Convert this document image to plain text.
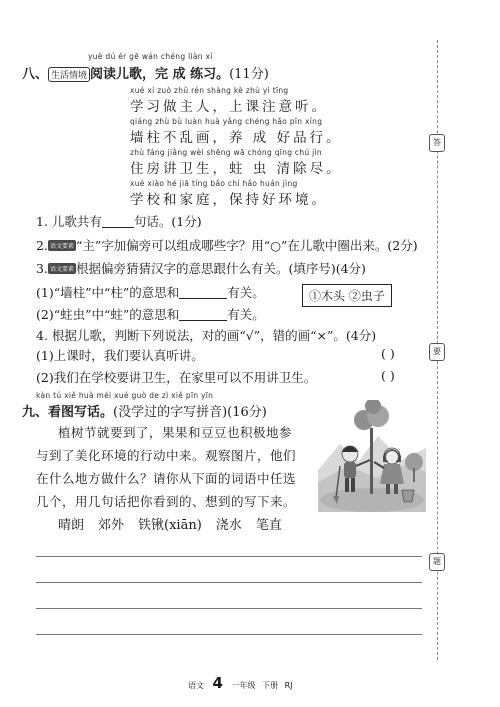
yuè dú ér gē wán chéng liàn xí
八、 生活情境 阅读儿歌，完 成 练习。(11分)
xué xí zuò zhǔ rén shàng kè zhù yì tīng
学习做主人，上课注意听。
qiáng zhù bù luàn huà yǎng chéng hǎo pǐn xíng
墙柱不乱画，养 成 好品行。
zhù fáng jiǎng wèi shēng wā chóng qīng chú jìn
住房讲卫生，蛀 虫 清除尽。
xué xiào hé jiā tíng bǎo chí hǎo huán jìng
学校和家庭，保持好环境。
1. 儿歌共有	句话。(1分)
2. 语文要素 “主”字加偏旁可以组成哪些字？用“○”在儿歌中圈出来。(2分)
3. 语文要素 根据偏旁猜猜汉字的意思跟什么有关。(填序号)(4分)
(1)“墙柱”中“柱”的意思和	有关。
(2)“蛀虫”中“蛀”的意思和	有关。
①木头 ②虫子
4. 根据儿歌，判断下列说法，对的画“√”，错的画“×”。(4分)
(1)上课时，我们要认真听讲。	( )
(2)我们在学校要讲卫生，在家里可以不用讲卫生。	( )
kàn tú xiě huà méi xué guò de zì xiě pīn yīn
九、看图写话。(没学过的字写拼音)(16分)
植树节就要到了，果果和豆豆也积极地参
与到了美化环境的行动中来。观察图片，他们
在什么地方做什么？请你从下面的词语中任选
几个，用几句话把你看到的、想到的写下来。
晴朗 郊外 铁锹(xiān) 浇水 笔直
答
要
题
语文 4 一年级 下册 RJ
